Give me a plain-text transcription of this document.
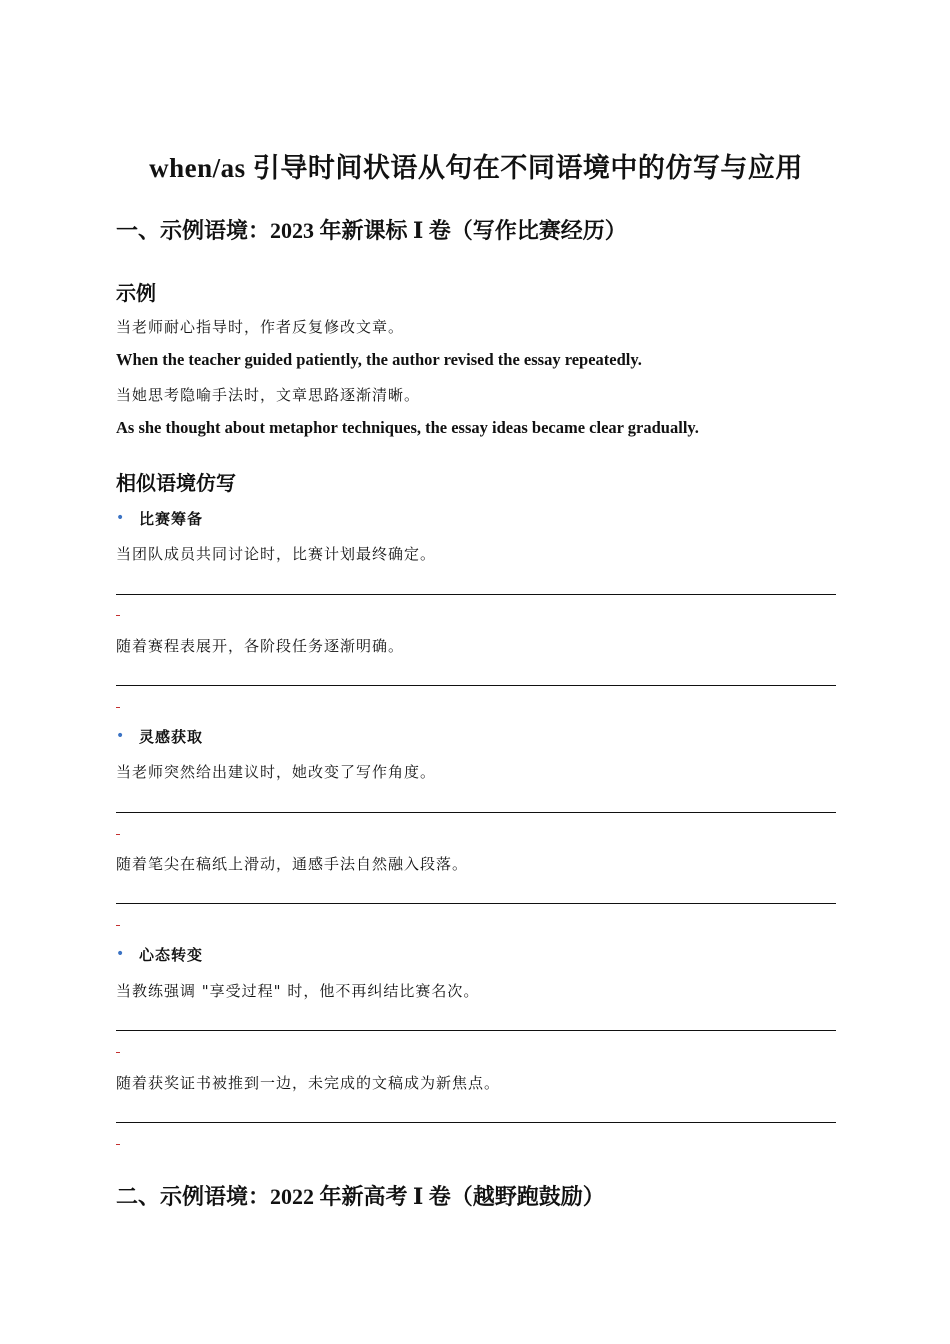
when/as 引导时间状语从句在不同语境中的仿写与应用
一、示例语境：2023 年新课标 Ⅰ 卷（写作比赛经历）
示例
当老师耐心指导时，作者反复修改文章。
When the teacher guided patiently, the author revised the essay repeatedly.
当她思考隐喻手法时，文章思路逐渐清晰。
As she thought about metaphor techniques, the essay ideas became clear gradually.
相似语境仿写
• 比赛筹备
当团队成员共同讨论时，比赛计划最终确定。
随着赛程表展开，各阶段任务逐渐明确。
• 灵感获取
当老师突然给出建议时，她改变了写作角度。
随着笔尖在稿纸上滑动，通感手法自然融入段落。
• 心态转变
当教练强调 "享受过程" 时，他不再纠结比赛名次。
随着获奖证书被推到一边，未完成的文稿成为新焦点。
二、示例语境：2022 年新高考 Ⅰ 卷（越野跑鼓励）
